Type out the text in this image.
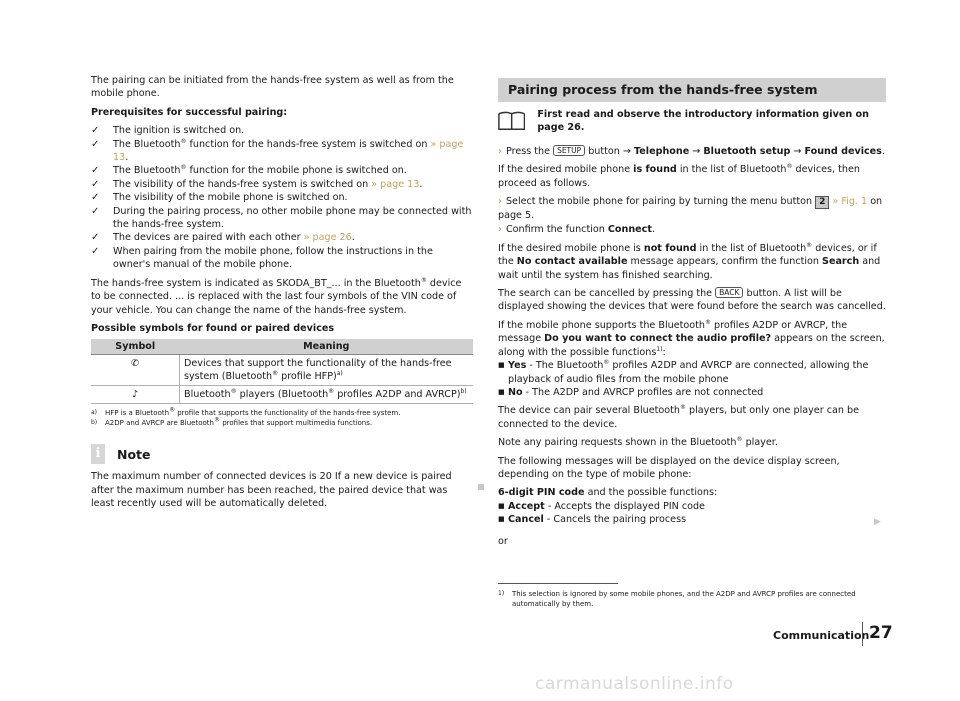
The pairing can be initiated from the hands-free system as well as from the mobile phone.

Prerequisites for successful pairing:

✓ The ignition is switched on.
✓ The Bluetooth® function for the hands-free system is switched on » page 13.
✓ The Bluetooth® function for the mobile phone is switched on.
✓ The visibility of the hands-free system is switched on » page 13.
✓ The visibility of the mobile phone is switched on.
✓ During the pairing process, no other mobile phone may be connected with the hands-free system.
✓ The devices are paired with each other » page 26.
✓ When pairing from the mobile phone, follow the instructions in the owner's manual of the mobile phone.

The hands-free system is indicated as SKODA_BT_... in the Bluetooth® device to be connected. ... is replaced with the last four symbols of the VIN code of your vehicle. You can change the name of the hands-free system.

Possible symbols for found or paired devices

Symbol	Meaning
✆	Devices that support the functionality of the hands-free system (Bluetooth® profile HFP)$^{a)}$
♪	Bluetooth® players (Bluetooth® profiles A2DP and AVRCP)$^{b)}$
a) HFP is a Bluetooth® profile that supports the functionality of the hands-free system.
b) A2DP and AVRCP are Bluetooth® profiles that support multimedia functions.
i	Note

The maximum number of connected devices is 20 If a new device is paired after the maximum number has been reached, the paired device that was least recently used will be automatically deleted.

Pairing process from the hands-free system
First read and observe the introductory information given on page 26.

› Press the SETUP button → Telephone → Bluetooth setup → Found devices.

If the desired mobile phone is found in the list of Bluetooth® devices, then proceed as follows.

› Select the mobile phone for pairing by turning the menu button 2 » Fig. 1 on page 5.

› Confirm the function Connect.

If the desired mobile phone is not found in the list of Bluetooth® devices, or if the No contact available message appears, confirm the function Search and wait until the system has finished searching.

The search can be cancelled by pressing the BACK button. A list will be displayed showing the devices that were found before the search was cancelled.

If the mobile phone supports the Bluetooth® profiles A2DP or AVRCP, the message Do you want to connect the audio profile? appears on the screen, along with the possible functions$^{1)}$:

■ Yes - The Bluetooth® profiles A2DP and AVRCP are connected, allowing the playback of audio files from the mobile phone
■ No - The A2DP and AVRCP profiles are not connected

The device can pair several Bluetooth® players, but only one player can be connected to the device.

Note any pairing requests shown in the Bluetooth® player.

The following messages will be displayed on the device display screen, depending on the type of mobile phone:

6-digit PIN code and the possible functions:

■ Accept - Accepts the displayed PIN code
■ Cancel - Cancels the pairing process

or

▶
1) This selection is ignored by some mobile phones, and the A2DP and AVRCP profiles are connected automatically by them.
Communication 27
carmanualsonline.info
